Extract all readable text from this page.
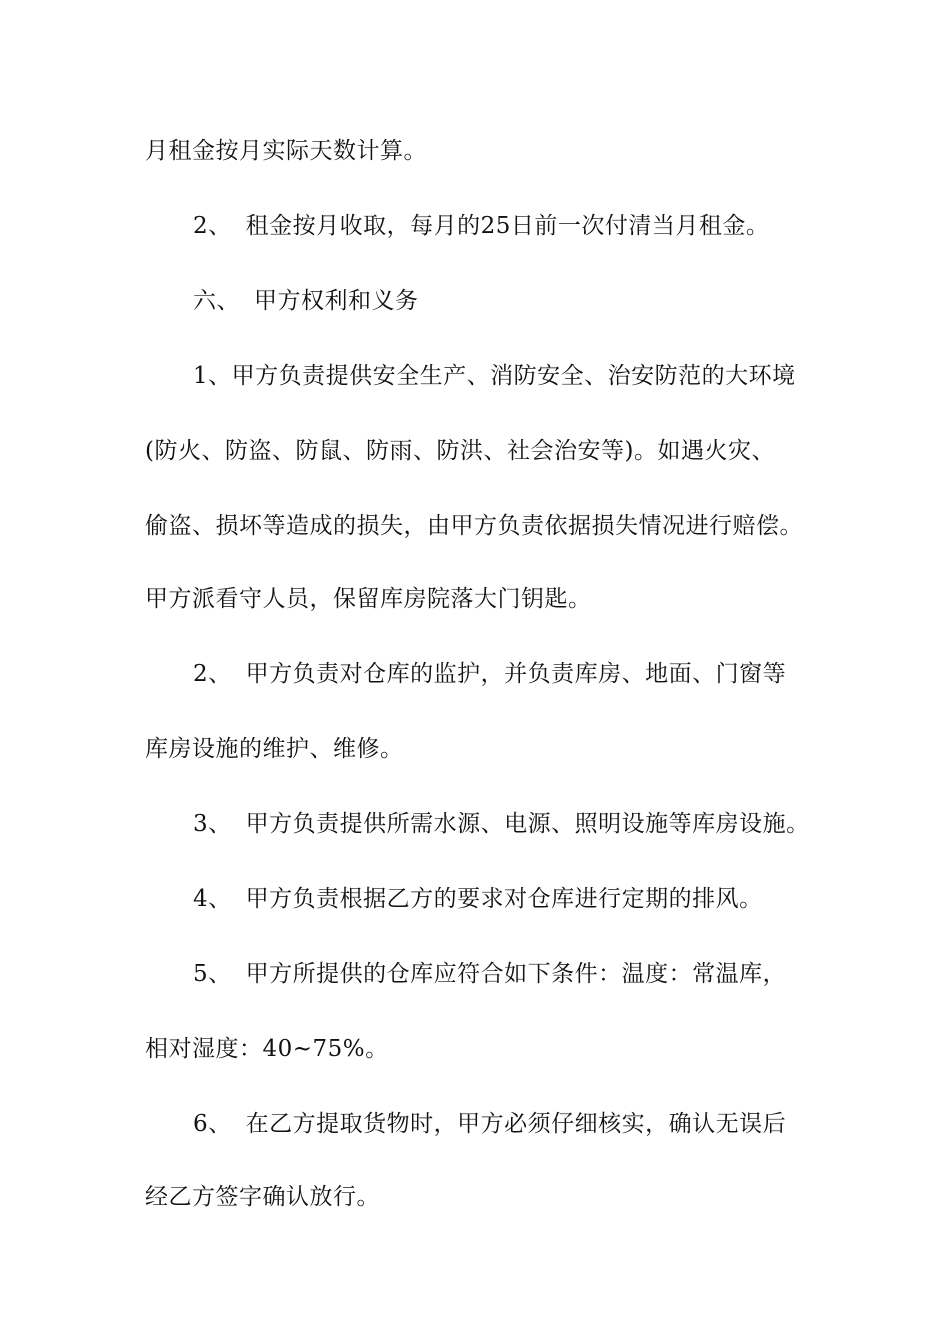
月租金按月实际天数计算。
2、 租金按月收取，每月的25日前一次付清当月租金。
六、 甲方权利和义务
1、甲方负责提供安全生产、消防安全、治安防范的大环境
(防火、防盗、防鼠、防雨、防洪、社会治安等)。如遇火灾、
偷盗、损坏等造成的损失，由甲方负责依据损失情况进行赔偿。
甲方派看守人员，保留库房院落大门钥匙。
2、 甲方负责对仓库的监护，并负责库房、地面、门窗等
库房设施的维护、维修。
3、 甲方负责提供所需水源、电源、照明设施等库房设施。
4、 甲方负责根据乙方的要求对仓库进行定期的排风。
5、 甲方所提供的仓库应符合如下条件：温度：常温库，
相对湿度：40~75%。
6、 在乙方提取货物时，甲方必须仔细核实，确认无误后
经乙方签字确认放行。
